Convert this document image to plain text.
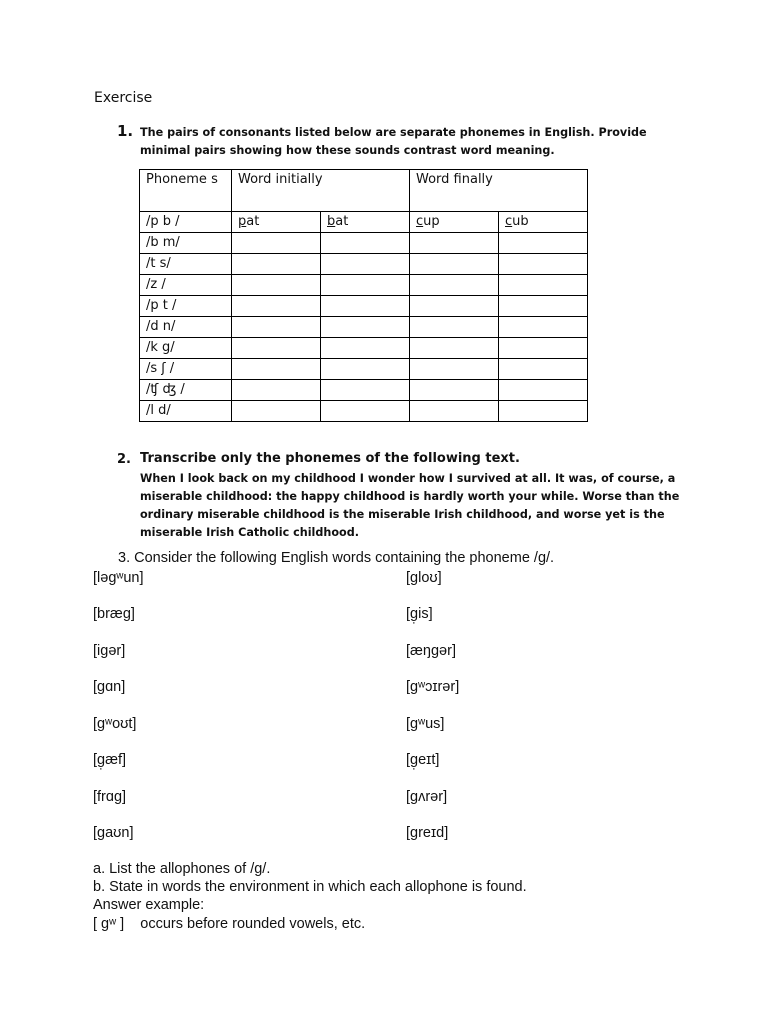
Exercise
1. The pairs of consonants listed below are separate phonemes in English. Provide minimal pairs showing how these sounds contrast word meaning.
Phoneme s	Word initially		Word finally	
/p b /	pat	bat	cup	cub
/b m/				
/t s/				
/z /				
/p t /				
/d n/				
/k g/				
/s ʃ /				
/ʧ ʤ /				
/l d/				
2. Transcribe only the phonemes of the following text.
When I look back on my childhood I wonder how I survived at all. It was, of course, a miserable childhood: the happy childhood is hardly worth your while. Worse than the ordinary miserable childhood is the miserable Irish childhood, and worse yet is the miserable Irish Catholic childhood.
3. Consider the following English words containing the phoneme /g/.
[ləgʷun]	[gloʊ]
[bræg]	[g̣is]
[igər]	[æŋgər]
[gɑn]	[gʷɔɪrər]
[gʷoʊt]	[gʷus]
[g̣æf]	[g̣eɪt]
[frɑg]	[gʌrər]
[gaʊn]	[greɪd]
a. List the allophones of /g/.
b. State in words the environment in which each allophone is found.
Answer example:
[ gʷ ]    occurs before rounded vowels, etc.
